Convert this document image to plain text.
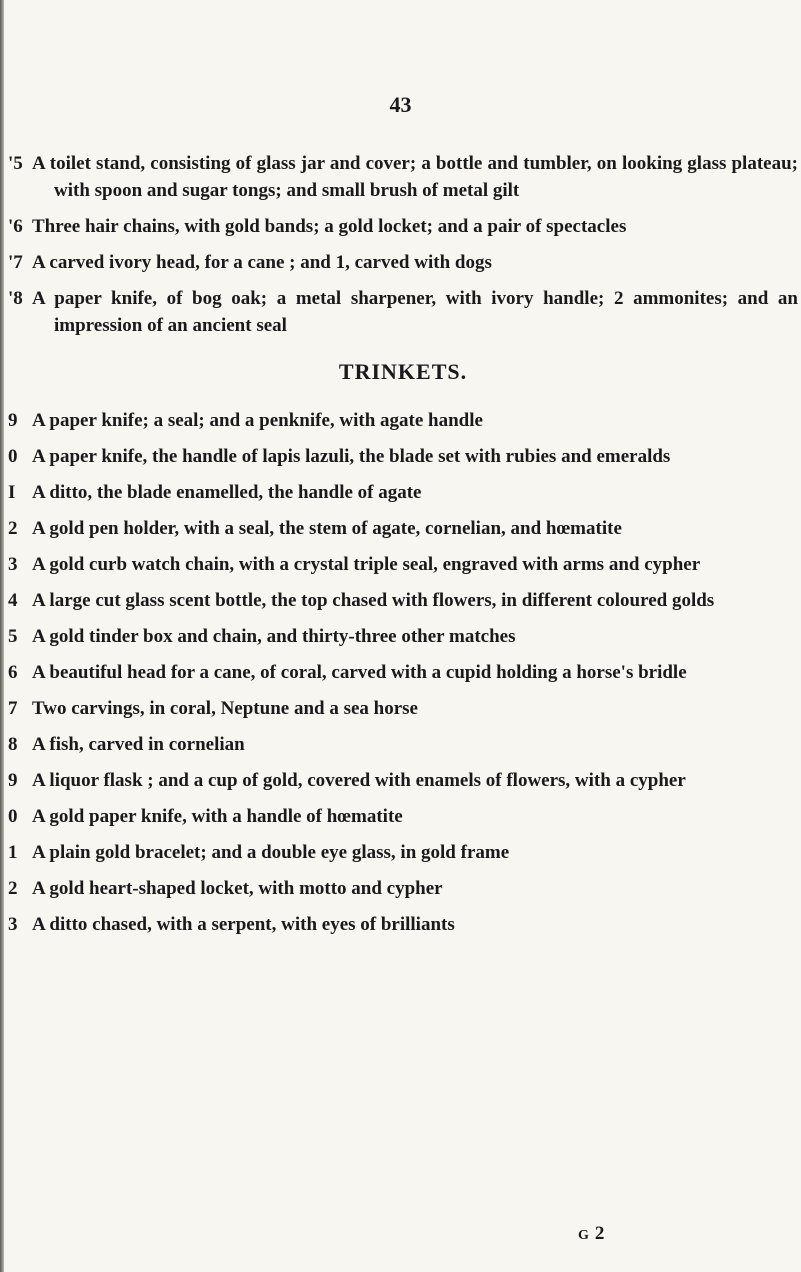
43
'5 A toilet stand, consisting of glass jar and cover; a bottle and tumbler, on looking glass plateau; with spoon and sugar tongs; and small brush of metal gilt
'6 Three hair chains, with gold bands; a gold locket; and a pair of spectacles
'7 A carved ivory head, for a cane ; and 1, carved with dogs
'8 A paper knife, of bog oak; a metal sharpener, with ivory handle; 2 ammonites; and an impression of an ancient seal
TRINKETS.
9 A paper knife; a seal; and a penknife, with agate handle
0 A paper knife, the handle of lapis lazuli, the blade set with rubies and emeralds
I A ditto, the blade enamelled, the handle of agate
2 A gold pen holder, with a seal, the stem of agate, cornelian, and hœmatite
3 A gold curb watch chain, with a crystal triple seal, engraved with arms and cypher
4 A large cut glass scent bottle, the top chased with flowers, in different coloured golds
5 A gold tinder box and chain, and thirty-three other matches
6 A beautiful head for a cane, of coral, carved with a cupid holding a horse's bridle
7 Two carvings, in coral, Neptune and a sea horse
8 A fish, carved in cornelian
9 A liquor flask ; and a cup of gold, covered with enamels of flowers, with a cypher
0 A gold paper knife, with a handle of hœmatite
1 A plain gold bracelet; and a double eye glass, in gold frame
2 A gold heart-shaped locket, with motto and cypher
3 A ditto chased, with a serpent, with eyes of brilliants
G 2
